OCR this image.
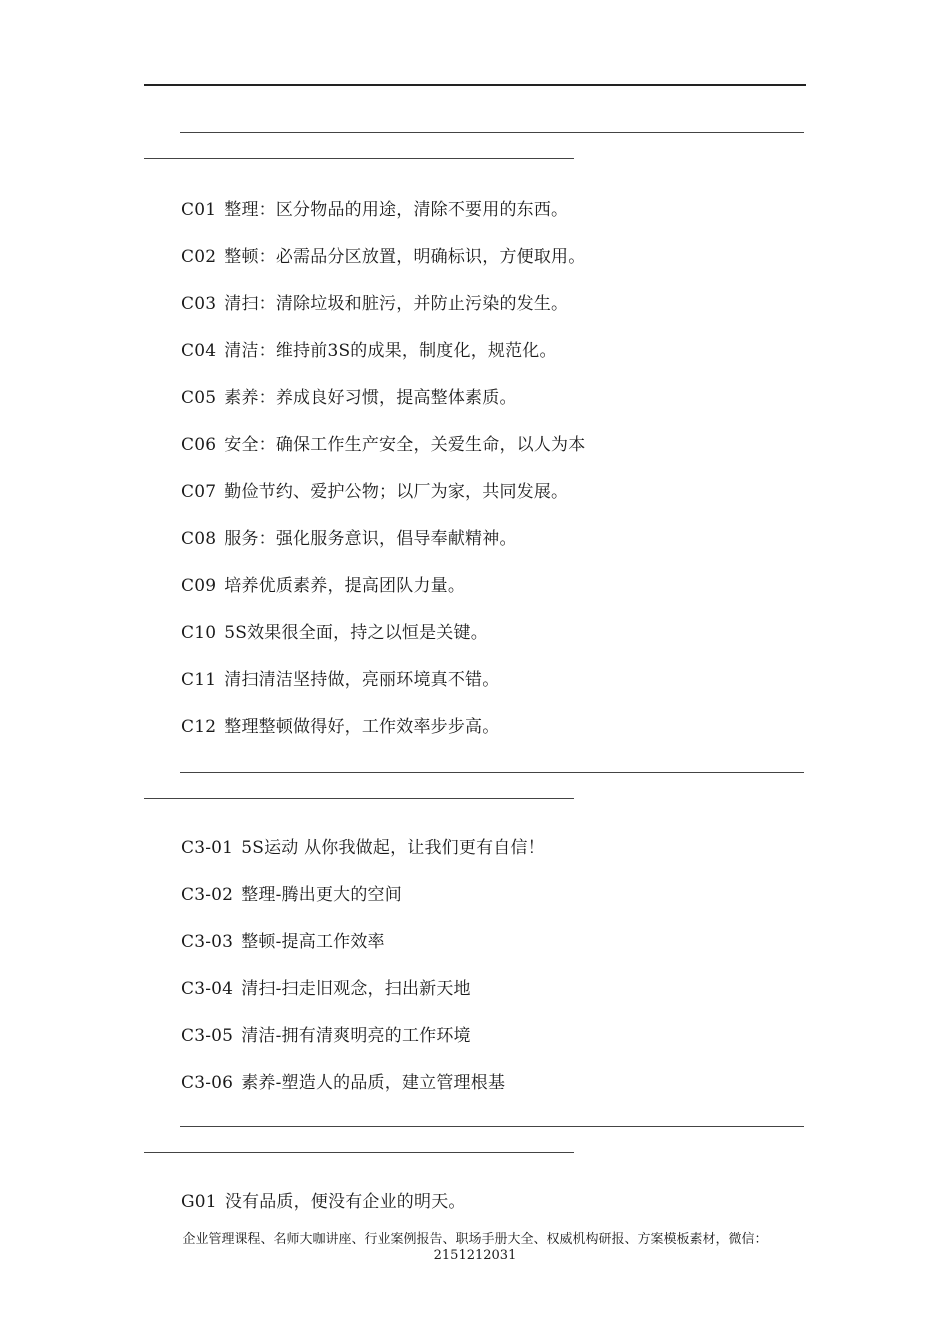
C01 整理：区分物品的用途，清除不要用的东西。
C02 整顿：必需品分区放置，明确标识，方便取用。
C03 清扫：清除垃圾和脏污，并防止污染的发生。
C04 清洁：维持前3S的成果，制度化，规范化。
C05 素养：养成良好习惯，提高整体素质。
C06 安全：确保工作生产安全，关爱生命，以人为本
C07 勤俭节约、爱护公物；以厂为家，共同发展。
C08 服务：强化服务意识，倡导奉献精神。
C09 培养优质素养，提高团队力量。
C10 5S效果很全面，持之以恒是关键。
C11 清扫清洁坚持做，亮丽环境真不错。
C12 整理整顿做得好，工作效率步步高。
C3-01 5S运动 从你我做起，让我们更有自信！
C3-02 整理-腾出更大的空间
C3-03 整顿-提高工作效率
C3-04 清扫-扫走旧观念，扫出新天地
C3-05 清洁-拥有清爽明亮的工作环境
C3-06 素养-塑造人的品质，建立管理根基
G01 没有品质，便没有企业的明天。
企业管理课程、名师大咖讲座、行业案例报告、职场手册大全、权威机构研报、方案模板素材，微信：
2151212031
